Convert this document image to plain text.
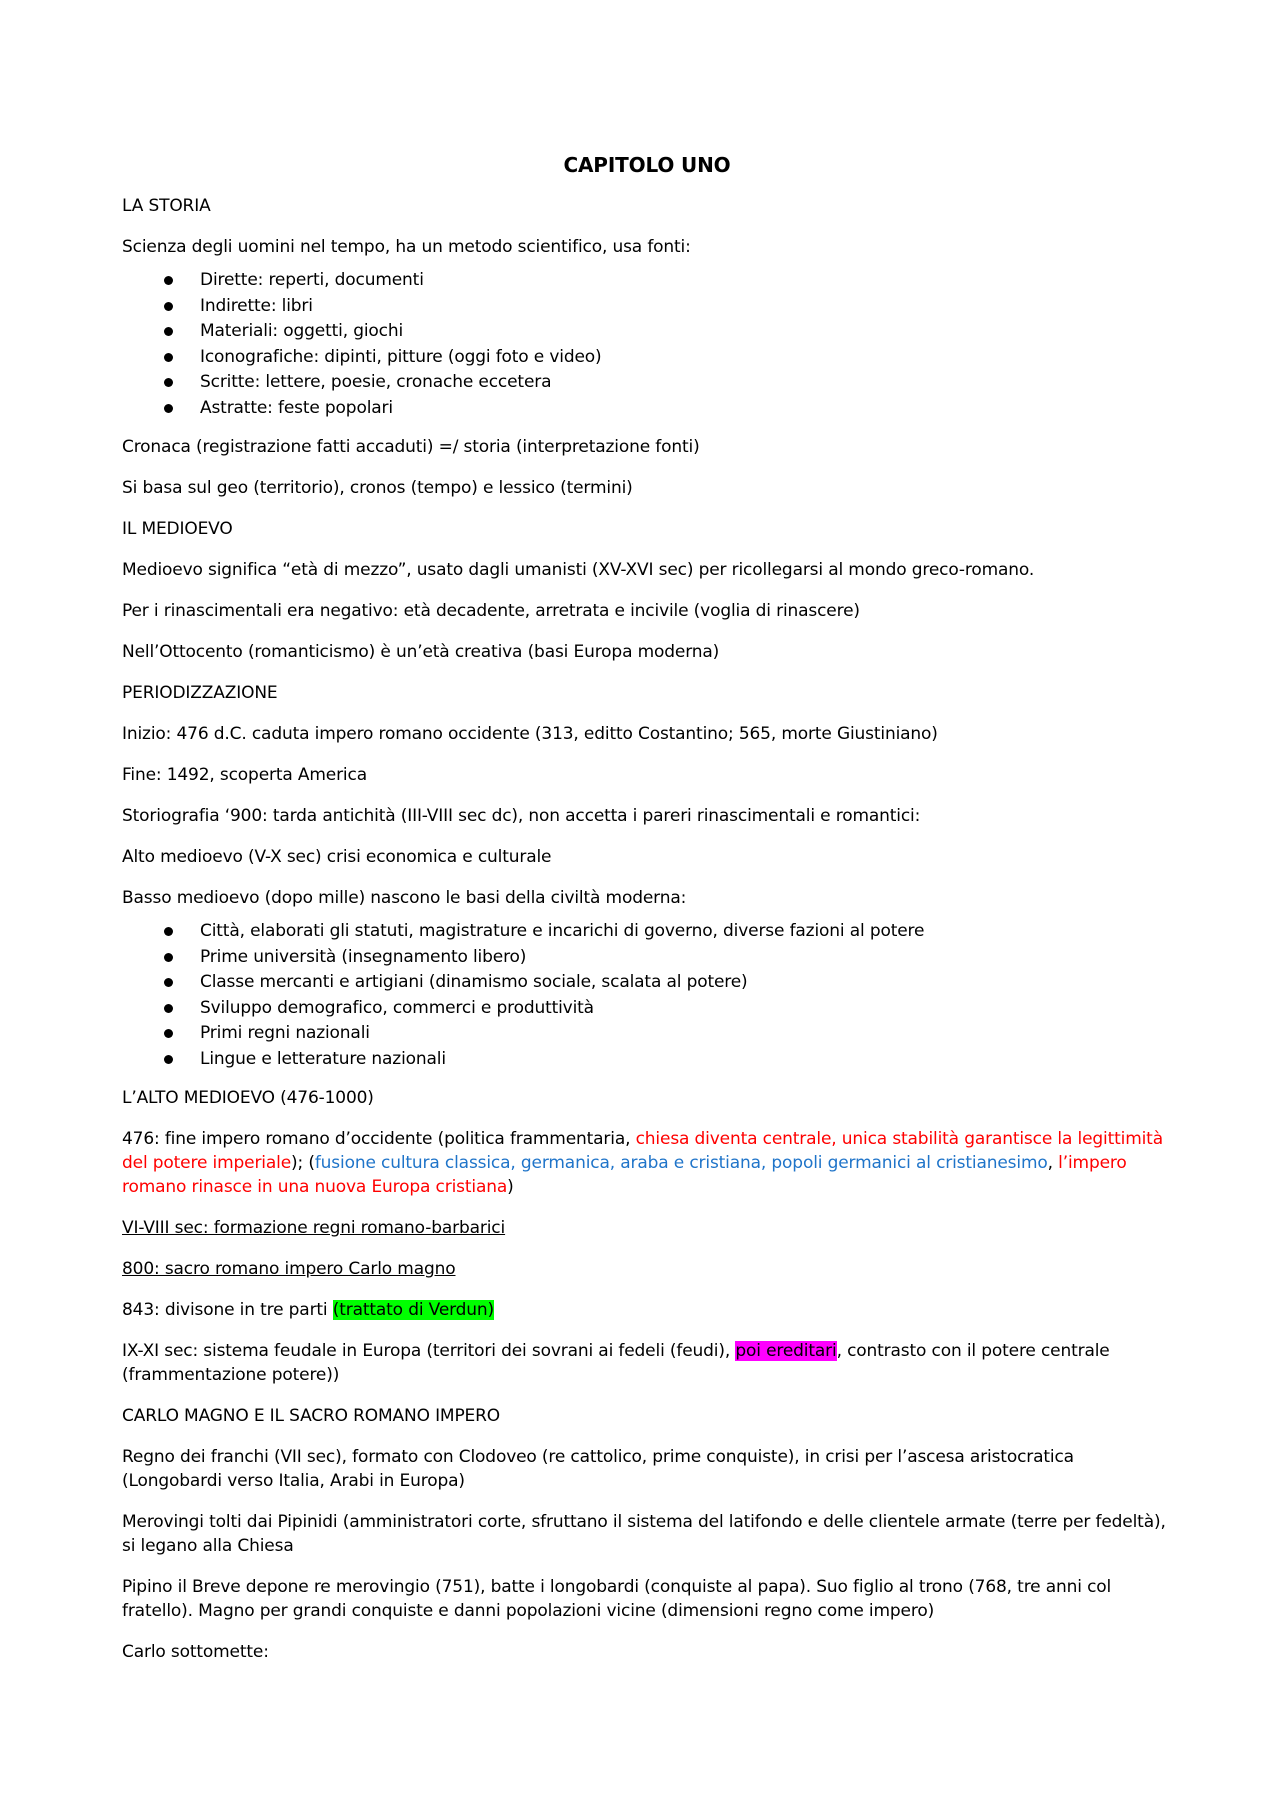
CAPITOLO UNO

LA STORIA

Scienza degli uomini nel tempo, ha un metodo scientifico, usa fonti:

Dirette: reperti, documenti
Indirette: libri
Materiali: oggetti, giochi
Iconografiche: dipinti, pitture (oggi foto e video)
Scritte: lettere, poesie, cronache eccetera
Astratte: feste popolari

Cronaca (registrazione fatti accaduti) =/ storia (interpretazione fonti)

Si basa sul geo (territorio), cronos (tempo) e lessico (termini)

IL MEDIOEVO

Medioevo significa “età di mezzo”, usato dagli umanisti (XV-XVI sec) per ricollegarsi al mondo greco-romano.

Per i rinascimentali era negativo: età decadente, arretrata e incivile (voglia di rinascere)

Nell’Ottocento (romanticismo) è un’età creativa (basi Europa moderna)

PERIODIZZAZIONE

Inizio: 476 d.C. caduta impero romano occidente (313, editto Costantino; 565, morte Giustiniano)

Fine: 1492, scoperta America

Storiografia ‘900: tarda antichità (III-VIII sec dc), non accetta i pareri rinascimentali e romantici:

Alto medioevo (V-X sec) crisi economica e culturale

Basso medioevo (dopo mille) nascono le basi della civiltà moderna:

Città, elaborati gli statuti, magistrature e incarichi di governo, diverse fazioni al potere
Prime università (insegnamento libero)
Classe mercanti e artigiani (dinamismo sociale, scalata al potere)
Sviluppo demografico, commerci e produttività
Primi regni nazionali
Lingue e letterature nazionali

L’ALTO MEDIOEVO (476-1000)

476: fine impero romano d’occidente (politica frammentaria, chiesa diventa centrale, unica stabilità garantisce la legittimità del potere imperiale); (fusione cultura classica, germanica, araba e cristiana, popoli germanici al cristianesimo, l’impero romano rinasce in una nuova Europa cristiana)

VI-VIII sec: formazione regni romano-barbarici

800: sacro romano impero Carlo magno

843: divisone in tre parti (trattato di Verdun)

IX-XI sec: sistema feudale in Europa (territori dei sovrani ai fedeli (feudi), poi ereditari, contrasto con il potere centrale (frammentazione potere))

CARLO MAGNO E IL SACRO ROMANO IMPERO

Regno dei franchi (VII sec), formato con Clodoveo (re cattolico, prime conquiste), in crisi per l’ascesa aristocratica (Longobardi verso Italia, Arabi in Europa)

Merovingi tolti dai Pipinidi (amministratori corte, sfruttano il sistema del latifondo e delle clientele armate (terre per fedeltà), si legano alla Chiesa

Pipino il Breve depone re merovingio (751), batte i longobardi (conquiste al papa). Suo figlio al trono (768, tre anni col fratello). Magno per grandi conquiste e danni popolazioni vicine (dimensioni regno come impero)

Carlo sottomette:
